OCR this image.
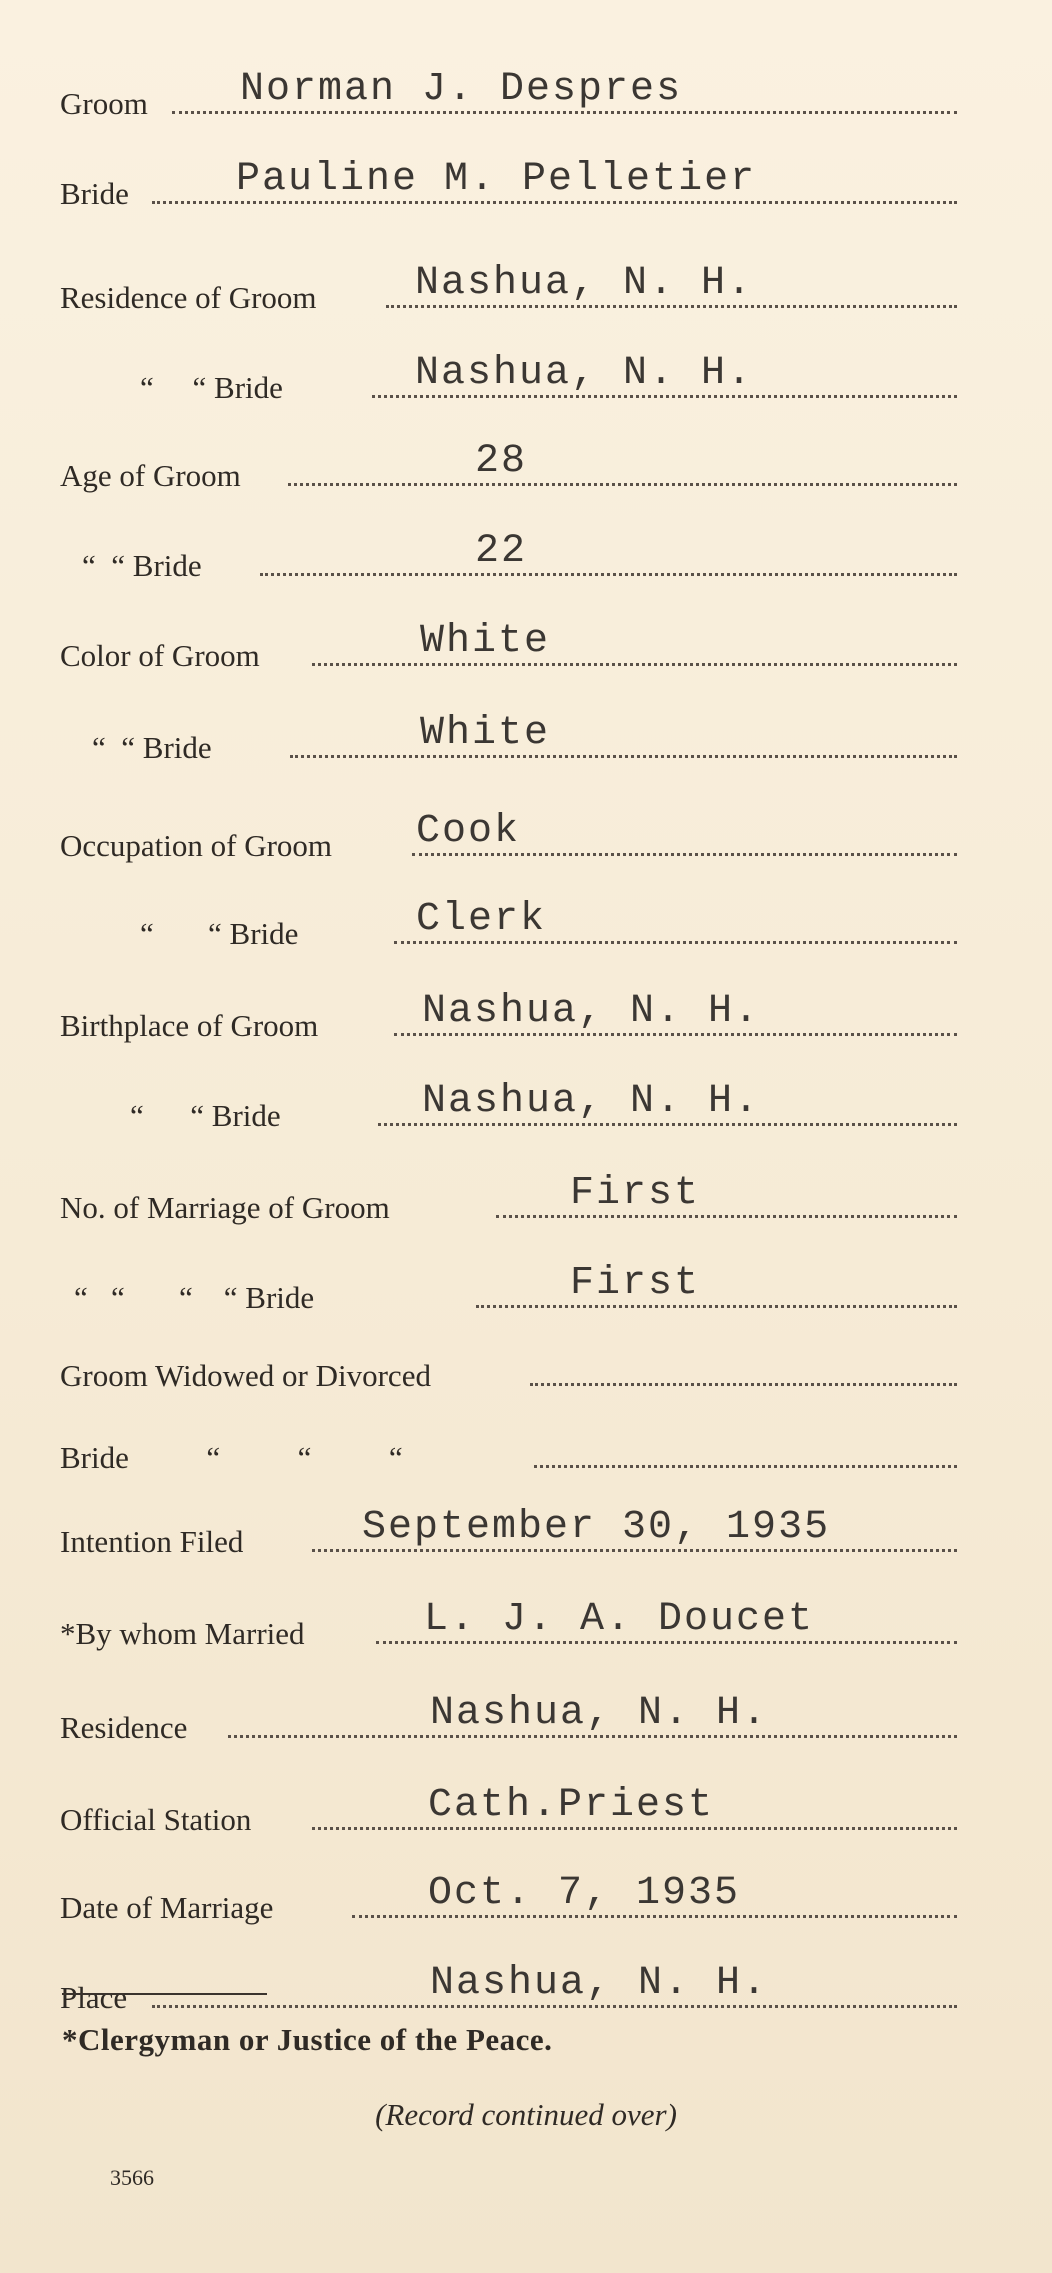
Groom Norman J. Despres
Bride	Pauline M. Pelletier
Residence of Groom Nashua, N. H.
“     “ Bride	Nashua, N. H.
Age of Groom	28
“  “ Bride	22
Color of Groom	White
“  “ Bride	White
Occupation of Groom Cook
“       “ Bride	Clerk
Birthplace of Groom	Nashua, N. H.
“      “ Bride	Nashua, N. H.
No. of Marriage of Groom	First
“   “       “    “ Bride	First
Groom Widowed or Divorced
Bride          “          “          “
Intention Filed	September 30, 1935
*By whom Married	L. J. A. Doucet
Residence	Nashua, N. H.
Official Station	Cath.Priest
Date of Marriage	Oct. 7, 1935
Place	Nashua, N. H.
*Clergyman or Justice of the Peace.
(Record continued over)
3566
